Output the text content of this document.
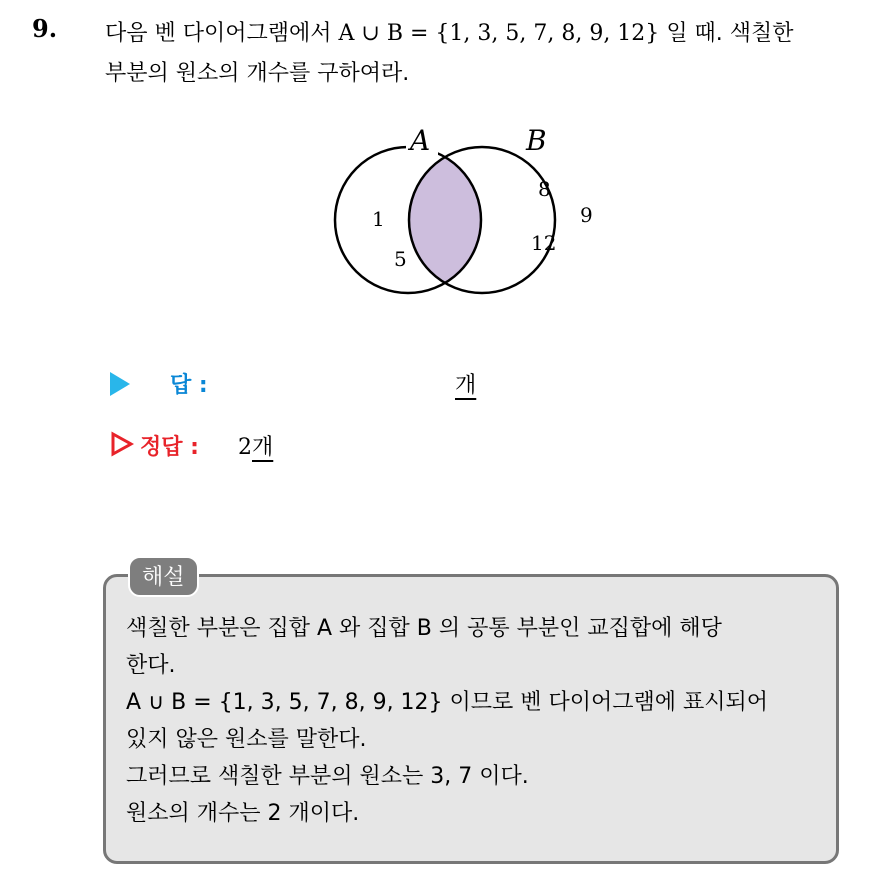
9. 다음 벤 다이어그램에서 A ∪ B = {1, 3, 5, 7, 8, 9, 12} 일 때. 색칠한
부분의 원소의 개수를 구하여라.
A	B
1
5
8
9
12
답 :	개
정답 : 2개
해설
색칠한 부분은 집합 A 와 집합 B 의 공통 부분인 교집합에 해당
한다.
A ∪ B = {1, 3, 5, 7, 8, 9, 12} 이므로 벤 다이어그램에 표시되어
있지 않은 원소를 말한다.
그러므로 색칠한 부분의 원소는 3, 7 이다.
원소의 개수는 2 개이다.
